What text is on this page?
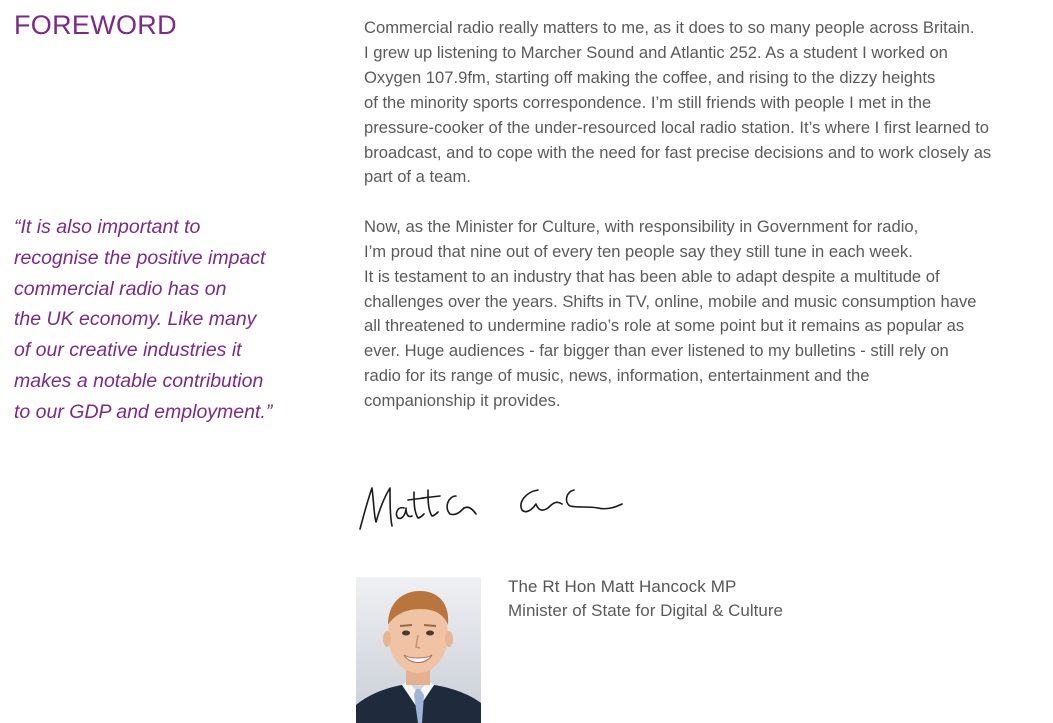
FOREWORD
“It is also important to
recognise the positive impact
commercial radio has on
the UK economy. Like many
of our creative industries it
makes a notable contribution
to our GDP and employment.”

Commercial radio really matters to me, as it does to so many people across Britain.
I grew up listening to Marcher Sound and Atlantic 252. As a student I worked on
Oxygen 107.9fm, starting off making the coffee, and rising to the dizzy heights
of the minority sports correspondence. I’m still friends with people I met in the
pressure-cooker of the under-resourced local radio station. It’s where I first learned to
broadcast, and to cope with the need for fast precise decisions and to work closely as
part of a team.

Now, as the Minister for Culture, with responsibility in Government for radio,
I’m proud that nine out of every ten people say they still tune in each week.
It is testament to an industry that has been able to adapt despite a multitude of
challenges over the years. Shifts in TV, online, mobile and music consumption have
all threatened to undermine radio’s role at some point but it remains as popular as
ever. Huge audiences - far bigger than ever listened to my bulletins - still rely on
radio for its range of music, news, information, entertainment and the
companionship it provides.

The Rt Hon Matt Hancock MP
Minister of State for Digital & Culture
